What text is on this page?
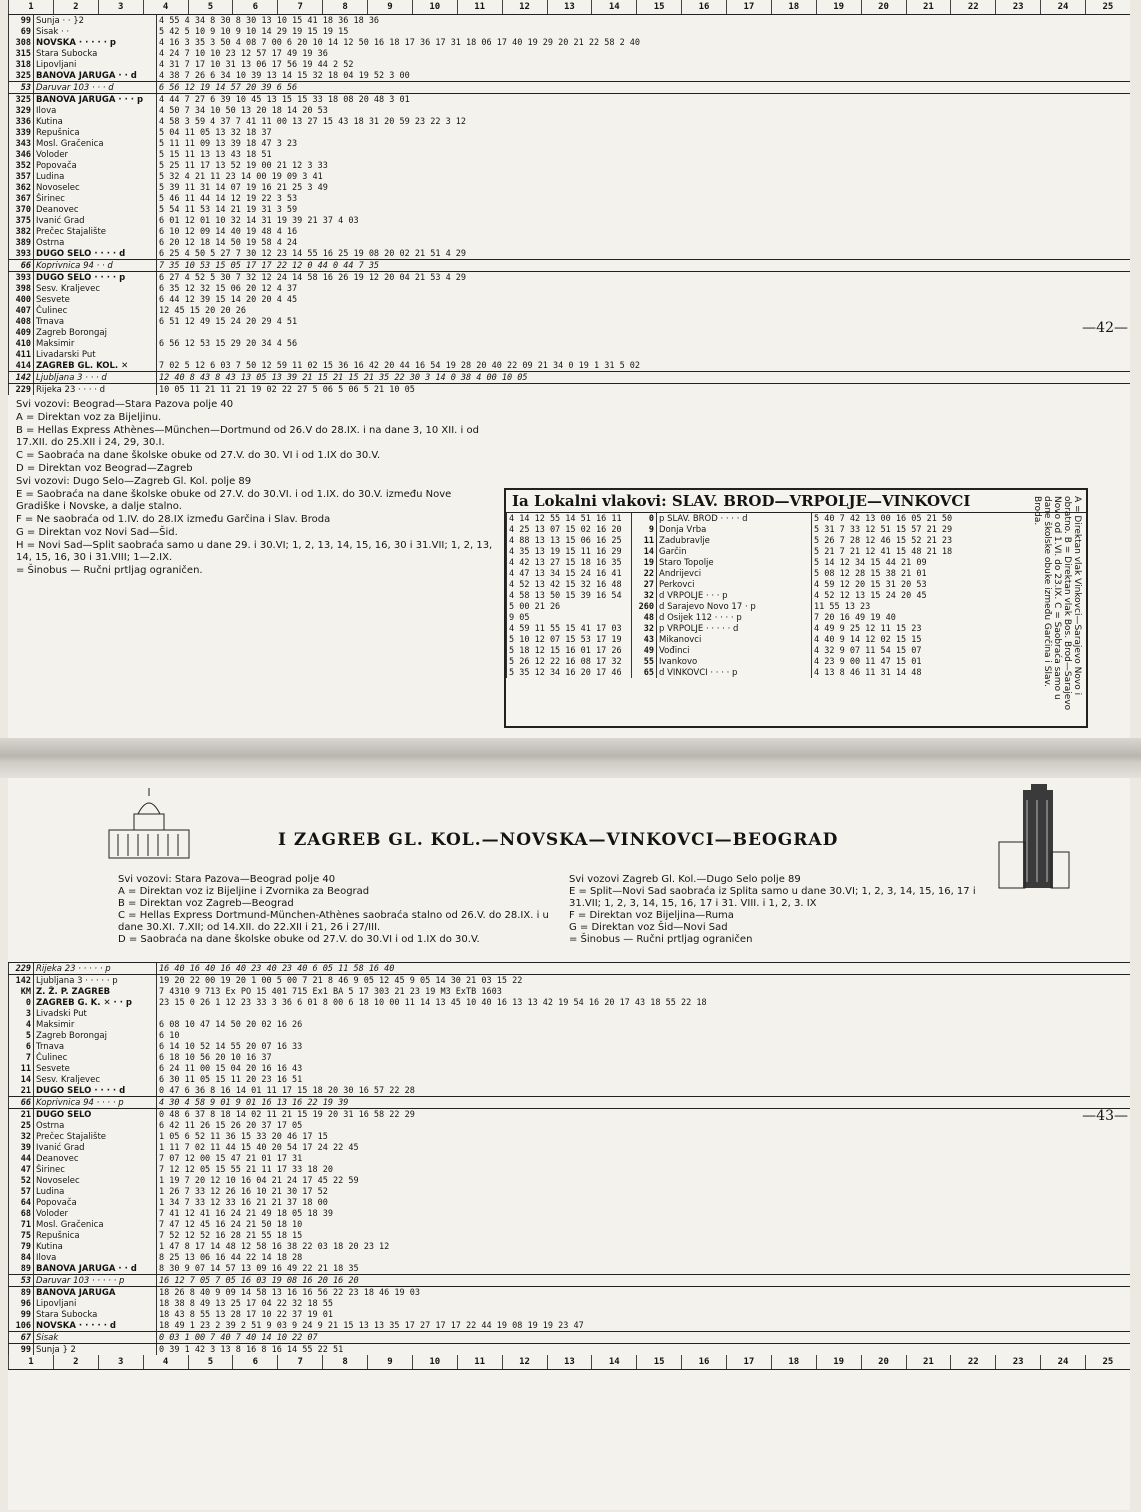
1	2	3	4	5	6	7	8	9	10	11	12	13	14	15	16	17	18	19	20	21	22	23	24	25
99	Sunja · · }2	4 55 4 34 8 30 8 30 13 10 15 41 18 36 18 36
69	Sisak · ·	5 42 5 10 9 10 9 10 14 29 19 15 19 15
308	NOVSKA · · · · · p	4 16 3 35 3 50 4 08 7 00 6 20 10 14 12 50 16 18 17 36 17 31 18 06 17 40 19 29 20 21 22 58 2 40
315	Stara Subocka	4 24 7 10 10 23 12 57 17 49 19 36
318	Lipovljani	4 31 7 17 10 31 13 06 17 56 19 44 2 52
325	BANOVA JARUGA · · d	4 38 7 26 6 34 10 39 13 14 15 32 18 04 19 52 3 00
53	Daruvar 103 · · · d	6 56 12 19 14 57 20 39 6 56
325	BANOVA JARUGA · · · p	4 44 7 27 6 39 10 45 13 15 15 33 18 08 20 48 3 01
329	Ilova	4 50 7 34 10 50 13 20 18 14 20 53
336	Kutina	4 58 3 59 4 37 7 41 11 00 13 27 15 43 18 31 20 59 23 22 3 12
339	Repušnica	5 04 11 05 13 32 18 37
343	Mosl. Gračenica	5 11 11 09 13 39 18 47 3 23
346	Voloder	5 15 11 13 13 43 18 51
352	Popovača	5 25 11 17 13 52 19 00 21 12 3 33
357	Ludina	5 32 4 21 11 23 14 00 19 09 3 41
362	Novoselec	5 39 11 31 14 07 19 16 21 25 3 49
367	Širinec	5 46 11 44 14 12 19 22 3 53
370	Deanovec	5 54 11 53 14 21 19 31 3 59
375	Ivanić Grad	6 01 12 01 10 32 14 31 19 39 21 37 4 03
382	Prečec Stajalište	6 10 12 09 14 40 19 48 4 16
389	Ostrna	6 20 12 18 14 50 19 58 4 24
393	DUGO SELO · · · · d	6 25 4 50 5 27 7 30 12 23 14 55 16 25 19 08 20 02 21 51 4 29
66	Koprivnica 94 · · d	7 35 10 53 15 05 17 17 22 12 0 44 0 44 7 35
393	DUGO SELO · · · · p	6 27 4 52 5 30 7 32 12 24 14 58 16 26 19 12 20 04 21 53 4 29
398	Sesv. Kraljevec	6 35 12 32 15 06 20 12 4 37
400	Sesvete	6 44 12 39 15 14 20 20 4 45
407	Čulinec	12 45 15 20 20 26
408	Trnava	6 51 12 49 15 24 20 29 4 51
409	Zagreb Borongaj	
410	Maksimir	6 56 12 53 15 29 20 34 4 56
411	Livadarski Put	
414	ZAGREB GL. KOL. ✕	7 02 5 12 6 03 7 50 12 59 11 02 15 36 16 42 20 44 16 54 19 28 20 40 22 09 21 34 0 19 1 31 5 02
142	Ljubljana 3 · · · d	12 40 8 43 8 43 13 05 13 39 21 15 21 15 21 35 22 30 3 14 0 38 4 00 10 05
229	Rijeka 23 · · · · d	10 05 11 21 11 21 19 02 22 27 5 06 5 06 5 21 10 05
Svi vozovi: Beograd—Stara Pazova polje 40
A = Direktan voz za Bijeljinu.
B = Hellas Express Athènes—München—Dortmund od 26.V do 28.IX. i na dane 3, 10 XII. i od 17.XII. do 25.XII i 24, 29, 30.I.
C = Saobraća na dane školske obuke od 27.V. do 30. VI i od 1.IX do 30.V.
D = Direktan voz Beograd—Zagreb
Svi vozovi: Dugo Selo—Zagreb Gl. Kol. polje 89
E = Saobraća na dane školske obuke od 27.V. do 30.VI. i od 1.IX. do 30.V. između Nove Gradiške i Novske, a dalje stalno.
F = Ne saobraća od 1.IV. do 28.IX između Garčina i Slav. Broda
G = Direktan voz Novi Sad—Šid.
H = Novi Sad—Split saobraća samo u dane 29. i 30.VI; 1, 2, 13, 14, 15, 16, 30 i 31.VII; 1, 2, 13, 14, 15, 16, 30 i 31.VIII; 1—2.IX.
= Šinobus — Ručni prtljag ograničen.
—42—
Ia Lokalni vlakovi: SLAV. BROD—VRPOLJE—VINKOVCI
4 14 12 55 14 51 16 11	0	p SLAV. BROD · · · · d	5 40 7 42 13 00 16 05 21 50
4 25 13 07 15 02 16 20	9	Donja Vrba	5 31 7 33 12 51 15 57 21 29
4 88 13 13 15 06 16 25	11	Zadubravlje	5 26 7 28 12 46 15 52 21 23
4 35 13 19 15 11 16 29	14	Garčin	5 21 7 21 12 41 15 48 21 18
4 42 13 27 15 18 16 35	19	Staro Topolje	5 14 12 34 15 44 21 09
4 47 13 34 15 24 16 41	22	Andrijevci	5 08 12 28 15 38 21 01
4 52 13 42 15 32 16 48	27	Perkovci	4 59 12 20 15 31 20 53
4 58 13 50 15 39 16 54	32	d VRPOLJE · · · p	4 52 12 13 15 24 20 45
5 00 21 26	260	d Sarajevo Novo 17 · p	11 55 13 23
9 05	48	d Osijek 112 · · · · p	7 20 16 49 19 40
4 59 11 55 15 41 17 03	32	p VRPOLJE · · · · · d	4 49 9 25 12 11 15 23
5 10 12 07 15 53 17 19	43	Mikanovci	4 40 9 14 12 02 15 15
5 18 12 15 16 01 17 26	49	Vođinci	4 32 9 07 11 54 15 07
5 26 12 22 16 08 17 32	55	Ivankovo	4 23 9 00 11 47 15 01
5 35 12 34 16 20 17 46	65	d VINKOVCI · · · · p	4 13 8 46 11 31 14 48	A = Direktan vlak Vinkovci—Sarajevo Novo i obratno. B = Direktan vlak Bos. Brod—Sarajevo Novo od 1.VI. do 23.IX. C = Saobraća samo u dane školske obuke između Garčina i Slav. Broda.
I ZAGREB GL. KOL.—NOVSKA—VINKOVCI—BEOGRAD
Svi vozovi: Stara Pazova—Beograd polje 40
A = Direktan voz iz Bijeljine i Zvornika za Beograd
B = Direktan voz Zagreb—Beograd
C = Hellas Express Dortmund-München-Athènes saobraća stalno od 26.V. do 28.IX. i u dane 30.XI. 7.XII; od 14.XII. do 22.XII i 21, 26 i 27/III.
D = Saobraća na dane školske obuke od 27.V. do 30.VI i od 1.IX do 30.V.
Svi vozovi Zagreb Gl. Kol.—Dugo Selo polje 89
E = Split—Novi Sad saobraća iz Splita samo u dane 30.VI; 1, 2, 3, 14, 15, 16, 17 i 31.VII; 1, 2, 3, 14, 15, 16, 17 i 31. VIII. i 1, 2, 3. IX
F = Direktan voz Bijeljina—Ruma
G = Direktan voz Šid—Novi Sad
= Šinobus — Ručni prtljag ograničen
229	Rijeka 23 · · · · · p	16 40 16 40 16 40 23 40 23 40 6 05 11 58 16 40
142	Ljubljana 3 · · · · · p	19 20 22 00 19 20 1 00 5 00 7 21 8 46 9 05 12 45 9 05 14 30 21 03 15 22
KM	Z. Ž. P. ZAGREB	7 4310 9 713 Ex PO 15 401 715 Ex1 BA 5 17 303 21 23 19 M3 ExTB 1603
0	ZAGREB G. K. ✕ · · p	23 15 0 26 1 12 23 33 3 36 6 01 8 00 6 18 10 00 11 14 13 45 10 40 16 13 13 42 19 54 16 20 17 43 18 55 22 18
3	Livadski Put	
4	Maksimir	6 08 10 47 14 50 20 02 16 26
5	Zagreb Borongaj	6 10
6	Trnava	6 14 10 52 14 55 20 07 16 33
7	Čulinec	6 18 10 56 20 10 16 37
11	Sesvete	6 24 11 00 15 04 20 16 16 43
14	Sesv. Kraljevec	6 30 11 05 15 11 20 23 16 51
21	DUGO SELO · · · · d	0 47 6 36 8 16 14 01 11 17 15 18 20 30 16 57 22 28
66	Koprivnica 94 · · · · p	4 30 4 58 9 01 9 01 16 13 16 22 19 39
21	DUGO SELO	0 48 6 37 8 18 14 02 11 21 15 19 20 31 16 58 22 29
25	Ostrna	6 42 11 26 15 26 20 37 17 05
32	Prečec Stajalište	1 05 6 52 11 36 15 33 20 46 17 15
39	Ivanić Grad	1 11 7 02 11 44 15 40 20 54 17 24 22 45
44	Deanovec	7 07 12 00 15 47 21 01 17 31
47	Širinec	7 12 12 05 15 55 21 11 17 33 18 20
52	Novoselec	1 19 7 20 12 10 16 04 21 24 17 45 22 59
57	Ludina	1 26 7 33 12 26 16 10 21 30 17 52
64	Popovača	1 34 7 33 12 33 16 21 21 37 18 00
68	Voloder	7 41 12 41 16 24 21 49 18 05 18 39
71	Mosl. Gračenica	7 47 12 45 16 24 21 50 18 10
75	Repušnica	7 52 12 52 16 28 21 55 18 15
79	Kutina	1 47 8 17 14 48 12 58 16 38 22 03 18 20 23 12
84	Ilova	8 25 13 06 16 44 22 14 18 28
89	BANOVA JARUGA · · d	8 30 9 07 14 57 13 09 16 49 22 21 18 35
53	Daruvar 103 · · · · · p	16 12 7 05 7 05 16 03 19 08 16 20 16 20
89	BANOVA JARUGA	18 26 8 40 9 09 14 58 13 16 16 56 22 23 18 46 19 03
96	Lipovljani	18 38 8 49 13 25 17 04 22 32 18 55
99	Stara Subocka	18 43 8 55 13 28 17 10 22 37 19 01
106	NOVSKA · · · · · d	18 49 1 23 2 39 2 51 9 03 9 24 9 21 15 13 13 35 17 27 17 17 22 44 19 08 19 19 23 47
67	Sisak	0 03 1 00 7 40 7 40 14 10 22 07
99	Sunja } 2	0 39 1 42 3 13 8 16 8 16 14 55 22 51
1	2	3	4	5	6	7	8	9	10	11	12	13	14	15	16	17	18	19	20	21	22	23	24	25
—43—
